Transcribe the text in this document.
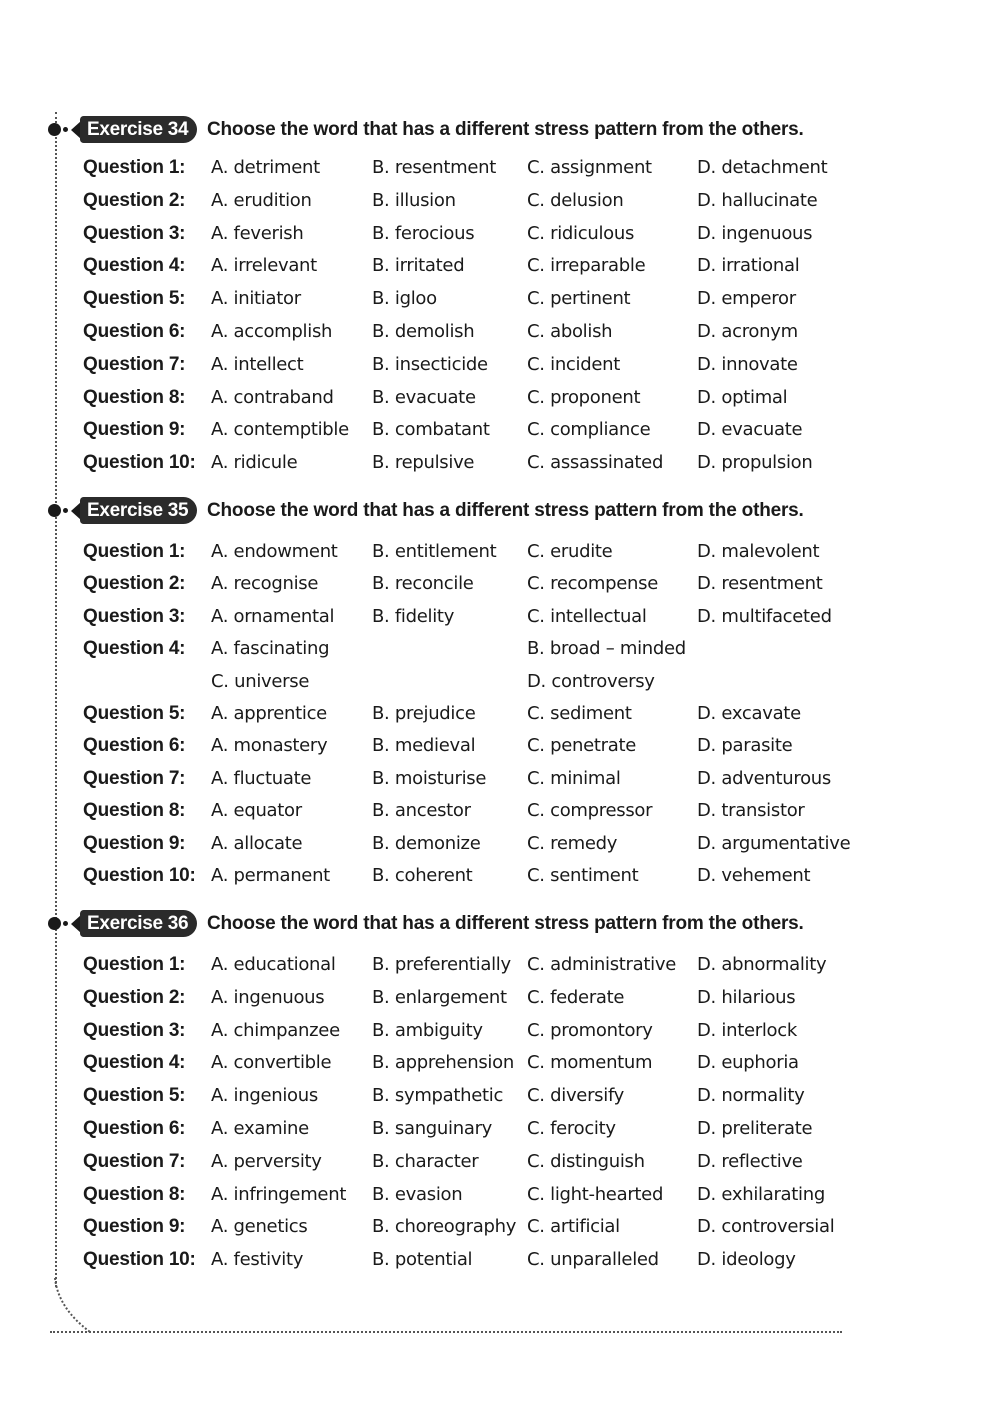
Exercise 34 Choose the word that has a different stress pattern from the others.
Question 1: A. detriment	B. resentment C. assignment	D. detachment
Question 2: A. erudition	B. illusion	C. delusion	D. hallucinate
Question 3: A. feverish	B. ferocious	C. ridiculous	D. ingenuous
Question 4: A. irrelevant	B. irritated	C. irreparable	D. irrational
Question 5: A. initiator	B. igloo	C. pertinent	D. emperor
Question 6: A. accomplish B. demolish	C. abolish	D. acronym
Question 7: A. intellect	B. insecticide C. incident	D. innovate
Question 8: A. contraband B. evacuate	C. proponent	D. optimal
Question 9: A. contemptible B. combatant C. compliance	D. evacuate
Question 10: A. ridicule	B. repulsive	C. assassinated D. propulsion
Exercise 35 Choose the word that has a different stress pattern from the others.
Question 1: A. endowment B. entitlement C. erudite	D. malevolent
Question 2: A. recognise	B. reconcile	C. recompense D. resentment
Question 3: A. ornamental B. fidelity	C. intellectual	D. multifaceted
Question 4: A. fascinating	B. broad – minded
C. universe	D. controversy
Question 5: A. apprentice	B. prejudice	C. sediment	D. excavate
Question 6: A. monastery B. medieval	C. penetrate	D. parasite
Question 7: A. fluctuate	B. moisturise C. minimal	D. adventurous
Question 8: A. equator	B. ancestor	C. compressor D. transistor
Question 9: A. allocate	B. demonize	C. remedy	D. argumentative
Question 10: A. permanent B. coherent	C. sentiment	D. vehement
Exercise 36 Choose the word that has a different stress pattern from the others.
Question 1: A. educational B. preferentially C. administrative D. abnormality
Question 2: A. ingenuous	B. enlargement C. federate	D. hilarious
Question 3: A. chimpanzee B. ambiguity C. promontory D. interlock
Question 4: A. convertible B. apprehension C. momentum D. euphoria
Question 5: A. ingenious	B. sympathetic C. diversify	D. normality
Question 6: A. examine	B. sanguinary C. ferocity	D. preliterate
Question 7: A. perversity	B. character	C. distinguish	D. reflective
Question 8: A. infringement B. evasion	C. light-hearted D. exhilarating
Question 9: A. genetics	B. choreography C. artificial	D. controversial
Question 10: A. festivity	B. potential	C. unparalleled D. ideology
